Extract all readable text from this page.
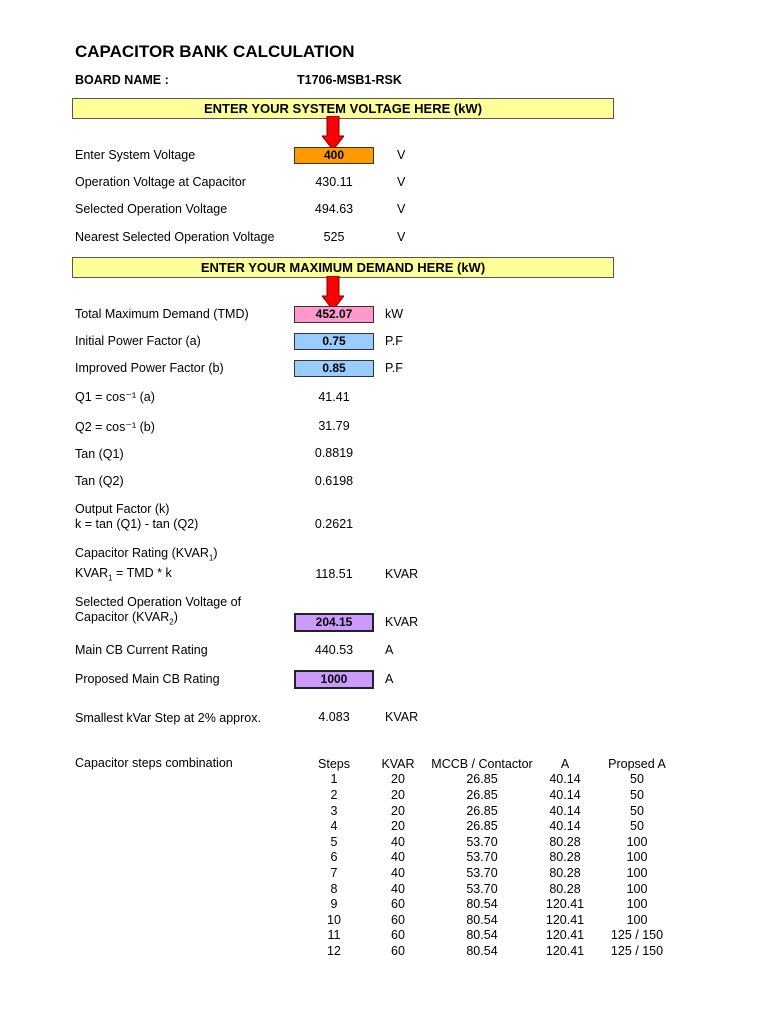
CAPACITOR BANK CALCULATION
BOARD NAME :	T1706-MSB1-RSK
ENTER YOUR SYSTEM VOLTAGE HERE (kW)
Enter System Voltage	400	V
Operation Voltage at Capacitor	430.11	V
Selected Operation Voltage	494.63	V
Nearest Selected Operation Voltage	525	V
ENTER YOUR MAXIMUM DEMAND HERE (kW)
Total Maximum Demand (TMD)	452.07	kW
Initial Power Factor (a)	0.75	P.F
Improved Power Factor (b)	0.85	P.F
Q1 = cos⁻¹ (a)	41.41
Q2 = cos⁻¹ (b)	31.79
Tan (Q1)	0.8819
Tan (Q2)	0.6198
Output Factor (k)
k = tan (Q1) - tan (Q2)	0.2621
Capacitor Rating $(KVAR_1)$
$KVAR_1$ = TMD * k	118.51	KVAR
Selected Operation Voltage of
Capacitor $(KVAR_2)$	204.15	KVAR
Main CB Current Rating	440.53	A
Proposed Main CB Rating	1000	A
Smallest kVar Step at 2% approx.	4.083	KVAR
Capacitor steps combination	Steps	KVAR	MCCB / Contactor	A	Propsed A
1	20	26.85	40.14	50
2	20	26.85	40.14	50
3	20	26.85	40.14	50
4	20	26.85	40.14	50
5	40	53.70	80.28	100
6	40	53.70	80.28	100
7	40	53.70	80.28	100
8	40	53.70	80.28	100
9	60	80.54	120.41	100
10	60	80.54	120.41	100
11	60	80.54	120.41	125 / 150
12	60	80.54	120.41	125 / 150
